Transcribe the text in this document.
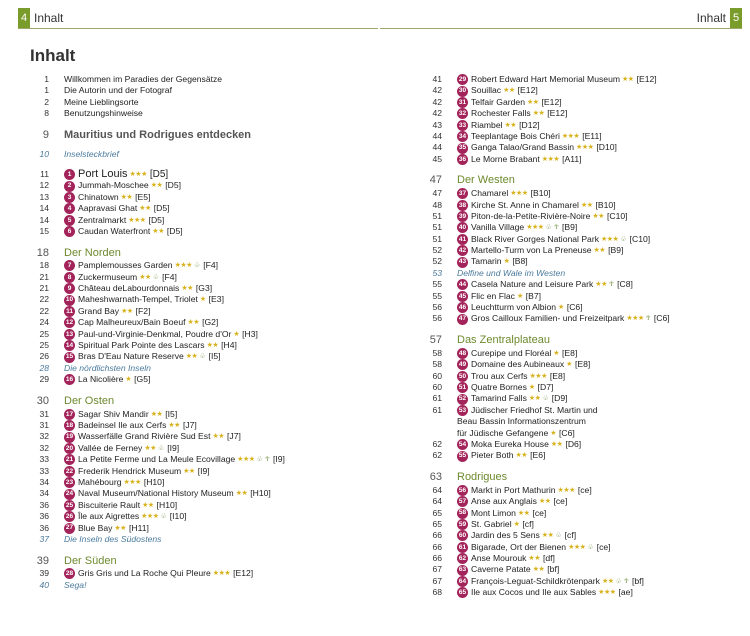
4 Inhalt	Inhalt 5
Inhalt
1 Willkommen im Paradies der Gegensätze
1 Die Autorin und der Fotograf
2 Meine Lieblingsorte
8 Benutzungshinweise
9 Mauritius und Rodrigues entdecken
10 Inselsteckbrief
11	1 Port Louis ★★★ [D5]
12	2 Jummah-Moschee ★★ [D5]
13	3 Chinatown ★★ [E5]
14	4 Aapravasi Ghat ★★ [D5]
14	5 Zentralmarkt ★★★ [D5]
15	6 Caudan Waterfront ★★ [D5]
18 Der Norden
18	7 Pamplemousses Garden ★★★ ♧ [F4]
21	8 Zuckermuseum ★★ ♧ [F4]
21	9 Château deLabourdonnais ★★ [G3]
22	10 Maheshwarnath-Tempel, Triolet ★ [E3]
22	11 Grand Bay ★★ [F2]
24	12 Cap Malheureux/Bain Boeuf ★★ [G2]
25	13 Paul-und-Virginie-Denkmal, Poudre d'Or ★ [H3]
25	14 Spiritual Park Pointe des Lascars ★★ [H4]
26	15 Bras D'Eau Nature Reserve ★★ ♧ [I5]
28 Die nördlichsten Inseln
29	16 La Nicolière ★ [G5]
30 Der Osten
31	17 Sagar Shiv Mandir ★★ [I5]
31	18 Badeinsel Ile aux Cerfs ★★ [J7]
32	19 Wasserfälle Grand Rivière Sud Est ★★ [J7]
32	20 Vallée de Ferney ★★ ♧ [I9]
33	21 La Petite Ferme und La Meule Ecovillage ★★★ ♧ ☥ [I9]
33	22 Frederik Hendrick Museum ★★ [I9]
34	23 Mahébourg ★★★ [H10]
34	24 Naval Museum/National History Museum ★★ [H10]
36	25 Biscuiterie Rault ★★ [H10]
36	26 Île aux Aigrettes ★★★ ♧ [I10]
36	27 Blue Bay ★★ [H11]
37 Die Inseln des Südostens
39 Der Süden
39	28 Gris Gris und La Roche Qui Pleure ★★★ [E12]
40 Sega!
41	29 Robert Edward Hart Memorial Museum ★★ [E12]
42	30 Souillac ★★ [E12]
42	31 Telfair Garden ★★ [E12]
42	32 Rochester Falls ★★ [E12]
43	33 Riambel ★★ [D12]
44	34 Teeplantage Bois Chéri ★★★ [E11]
44	35 Ganga Talao/Grand Bassin ★★★ [D10]
45	36 Le Morne Brabant ★★★ [A11]
47 Der Westen
47	37 Chamarel ★★★ [B10]
48	38 Kirche St. Anne in Chamarel ★★ [B10]
51	39 Piton-de-la-Petite-Rivière-Noire ★★ [C10]
51	40 Vanilla Village ★★★ ♧ ☥ [B9]
51	41 Black River Gorges National Park ★★★ ♧ [C10]
52	42 Martello-Turm von La Preneuse ★★ [B9]
52	43 Tamarin ★ [B8]
53 Delfine und Wale im Westen
55	44 Casela Nature and Leisure Park ★★ ☥ [C8]
55	45 Flic en Flac ★ [B7]
56	46 Leuchtturm von Albion ★ [C6]
56	47 Gros Cailloux Familien- und Freizeitpark ★★★ ☥ [C6]
57 Das Zentralplateau
58	48 Curepipe und Floréal ★ [E8]
58	49 Domaine des Aubineaux ★ [E8]
60	50 Trou aux Cerfs ★★★ [E8]
60	51 Quatre Bornes ★ [D7]
61	52 Tamarind Falls ★★ ♧ [D9]
61	53 Jüdischer Friedhof St. Martin und
Beau Bassin Informationszentrum
für Jüdische Gefangene ★ [C6]
62	54 Moka Eureka House ★★ [D6]
62	55 Pieter Both ★★ [E6]
63 Rodrigues
64	56 Markt in Port Mathurin ★★★ [ce]
64	57 Anse aux Anglais ★★ [ce]
65	58 Mont Limon ★★ [ce]
65	59 St. Gabriel ★ [cf]
66	60 Jardin des 5 Sens ★★ ♧ [cf]
66	61 Bigarade, Ort der Bienen ★★★ ♧ [ce]
66	62 Anse Mourouk ★★ [df]
67	63 Caverne Patate ★★ [bf]
67	64 François-Leguat-Schildkrötenpark ★★ ♧ ☥ [bf]
68	65 Ile aux Cocos und Ile aux Sables ★★★ [ae]
